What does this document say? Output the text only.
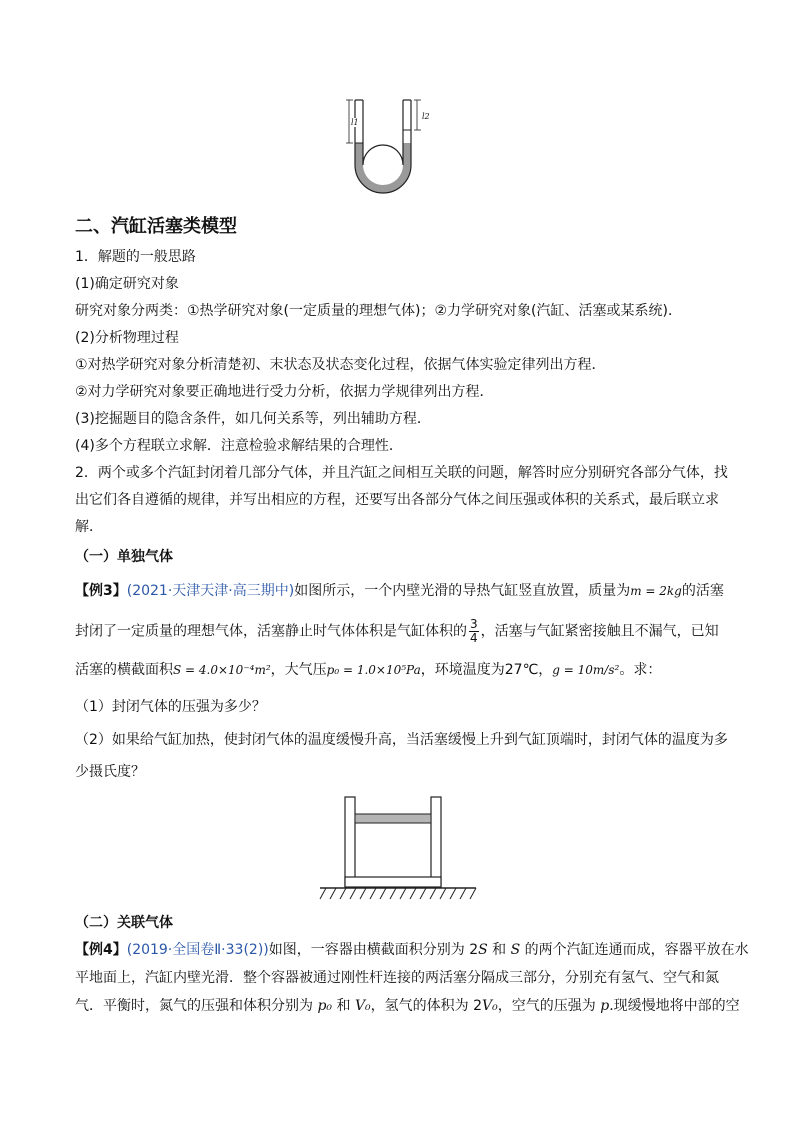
l1
l2
二、汽缸活塞类模型
1．解题的一般思路
(1)确定研究对象
研究对象分两类：①热学研究对象(一定质量的理想气体)；②力学研究对象(汽缸、活塞或某系统)．
(2)分析物理过程
①对热学研究对象分析清楚初、末状态及状态变化过程，依据气体实验定律列出方程．
②对力学研究对象要正确地进行受力分析，依据力学规律列出方程．
(3)挖掘题目的隐含条件，如几何关系等，列出辅助方程．
(4)多个方程联立求解．注意检验求解结果的合理性．
2．两个或多个汽缸封闭着几部分气体，并且汽缸之间相互关联的问题，解答时应分别研究各部分气体，找
出它们各自遵循的规律，并写出相应的方程，还要写出各部分气体之间压强或体积的关系式，最后联立求
解．
（一）单独气体
【例3】(2021·天津天津·高三期中)如图所示，一个内壁光滑的导热气缸竖直放置，质量为m = 2kg的活塞
封闭了一定质量的理想气体，活塞静止时气体体积是气缸体积的 $\frac{3}{4}$ ，活塞与气缸紧密接触且不漏气，已知
活塞的横截面积S = 4.0×10⁻⁴m²，大气压p₀ = 1.0×10⁵Pa，环境温度为27℃，g = 10m/s²。求：
（1）封闭气体的压强为多少？
（2）如果给气缸加热，使封闭气体的温度缓慢升高，当活塞缓慢上升到气缸顶端时，封闭气体的温度为多
少摄氏度？
（二）关联气体
【例4】(2019·全国卷Ⅱ·33(2))如图，一容器由横截面积分别为 2S 和 S 的两个汽缸连通而成，容器平放在水
平地面上，汽缸内壁光滑．整个容器被通过刚性杆连接的两活塞分隔成三部分，分别充有氢气、空气和氮
气．平衡时，氮气的压强和体积分别为 p₀ 和 V₀，氢气的体积为 2V₀，空气的压强为 p.现缓慢地将中部的空
